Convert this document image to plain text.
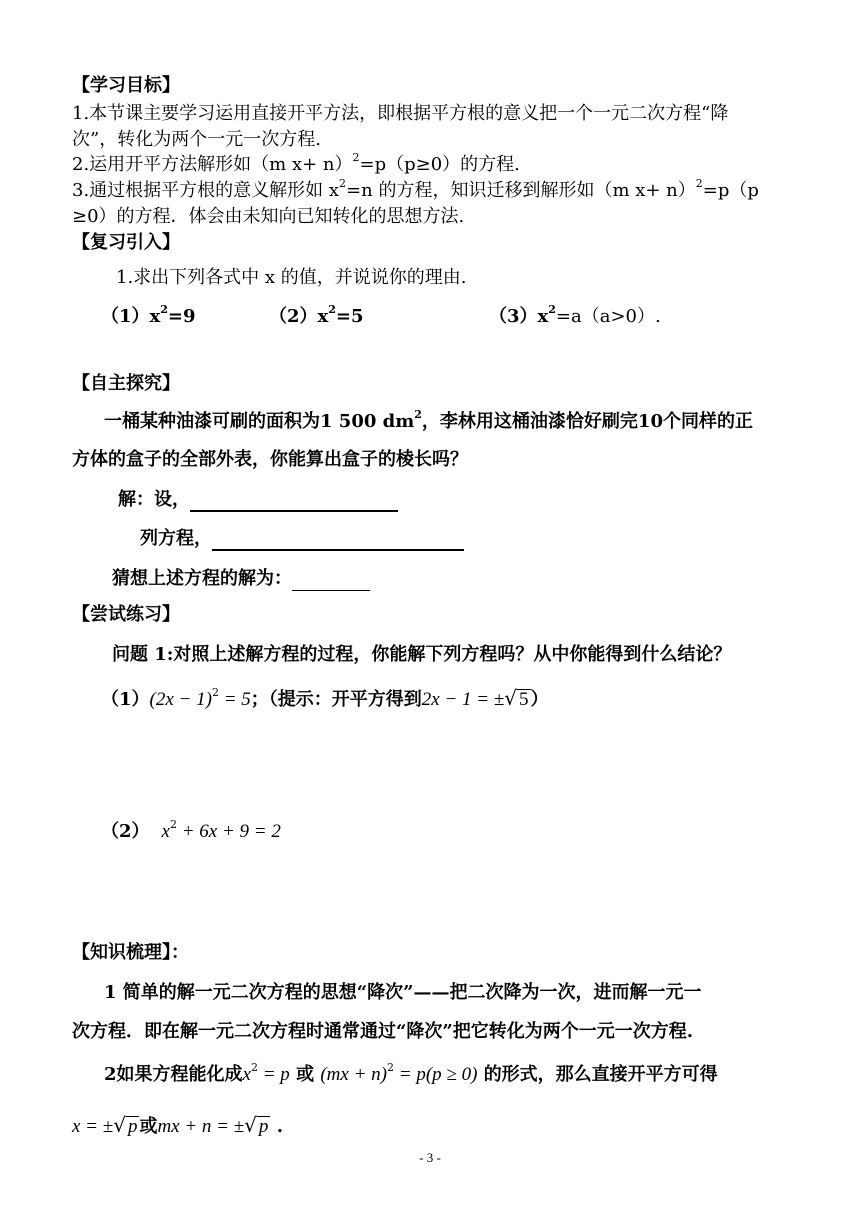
【学习目标】
1.本节课主要学习运用直接开平方法，即根据平方根的意义把一个一元二次方程“降
次”，转化为两个一元一次方程.
2.运用开平方法解形如（m x+ n）$^2$=p（p≥0）的方程.
3.通过根据平方根的意义解形如 $x^2=n$ 的方程，知识迁移到解形如（m x+ n）$^2$=p（p
≥0）的方程．体会由未知向已知转化的思想方法.
【复习引入】
1.求出下列各式中 x 的值，并说说你的理由.
$(1)x^2=9$	$(2)x^2=5$	$(3)x^2=a(a>0)$.
【自主探究】
一桶某种油漆可刷的面积为1 500 $dm^2$，李林用这桶油漆恰好刷完10个同样的正
方体的盒子的全部外表，你能算出盒子的棱长吗？
解：设，
列方程，
猜想上述方程的解为：
【尝试练习】
问题 1:对照上述解方程的过程，你能解下列方程吗？从中你能得到什么结论？
$(1)(2x - 1)^2 = 5$；（提示：开平方得到2x − 1 = ±√ 5 ）
（2） $x^2 + 6x + 9 = 2$
【知识梳理】：
1 简单的解一元二次方程的思想“降次”——把二次降为一次，进而解一元一
次方程．即在解一元二次方程时通常通过“降次”把它转化为两个一元一次方程.
2如果方程能化成$x^2 = p$ 或 (mx + n)$^2$ = p(p ≥ 0) 的形式，那么直接开平方可得
x = ±√ p 或mx + n = ±√ p .
- 3 -
